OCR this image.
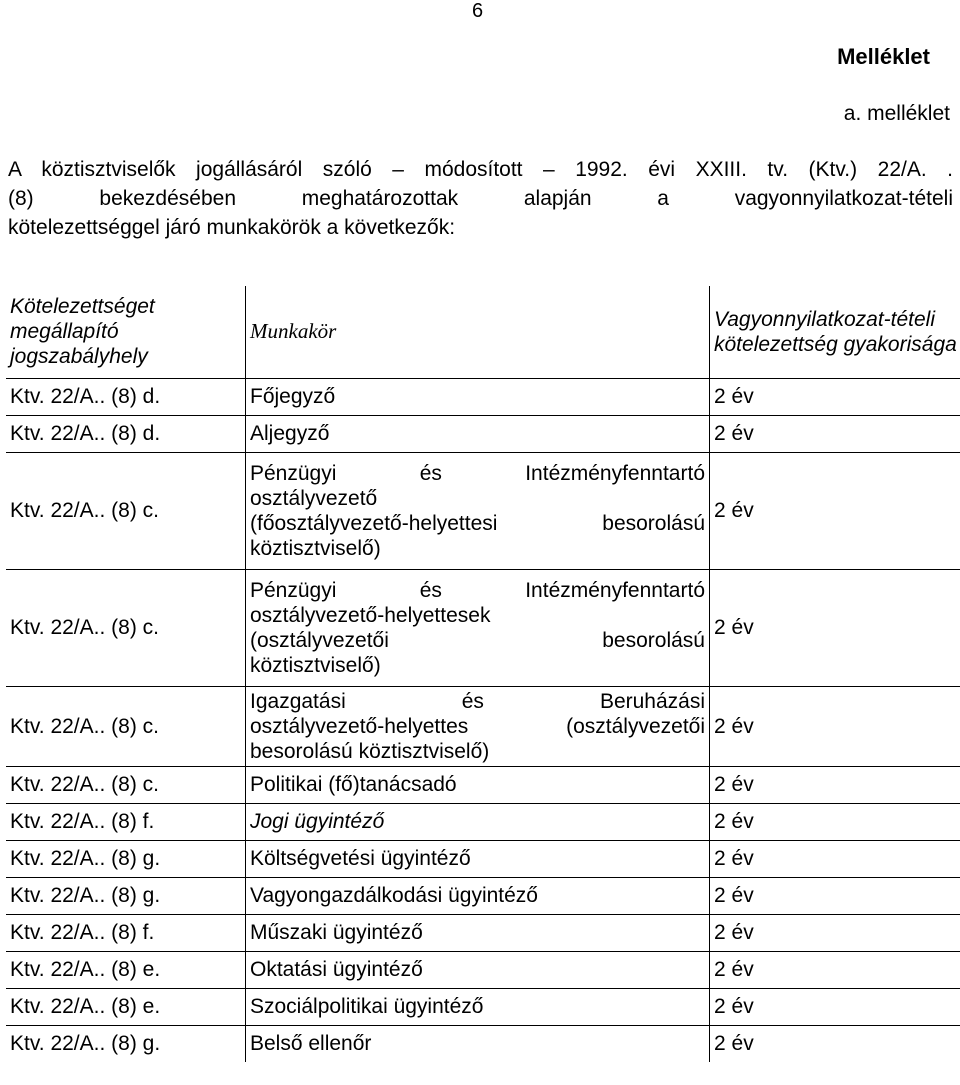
6
Melléklet
a. melléklet
A köztisztviselők jogállásáról szóló – módosított – 1992. évi XXIII. tv. (Ktv.) 22/A. .
(8) bekezdésében meghatározottak alapján a vagyonnyilatkozat-tételi
kötelezettséggel járó munkakörök a következők:
Kötelezettséget megállapító jogszabályhely	Munkakör	Vagyonnyilatkozat-tételi kötelezettség gyakorisága
Ktv. 22/A.. (8) d.	Főjegyző	2 év
Ktv. 22/A.. (8) d.	Aljegyző	2 év
Ktv. 22/A.. (8) c.	Pénzügyi és Intézményfenntartó
osztályvezető
(főosztályvezető-helyettesi besorolású
köztisztviselő)	2 év
Ktv. 22/A.. (8) c.	Pénzügyi és Intézményfenntartó
osztályvezető-helyettesek
(osztályvezetői besorolású
köztisztviselő)	2 év
Ktv. 22/A.. (8) c.	Igazgatási és Beruházási
osztályvezető-helyettes (osztályvezetői
besorolású köztisztviselő)	2 év
Ktv. 22/A.. (8) c.	Politikai (fő)tanácsadó	2 év
Ktv. 22/A.. (8) f.	Jogi ügyintéző	2 év
Ktv. 22/A.. (8) g.	Költségvetési ügyintéző	2 év
Ktv. 22/A.. (8) g.	Vagyongazdálkodási ügyintéző	2 év
Ktv. 22/A.. (8) f.	Műszaki ügyintéző	2 év
Ktv. 22/A.. (8) e.	Oktatási ügyintéző	2 év
Ktv. 22/A.. (8) e.	Szociálpolitikai ügyintéző	2 év
Ktv. 22/A.. (8) g.	Belső ellenőr	2 év
